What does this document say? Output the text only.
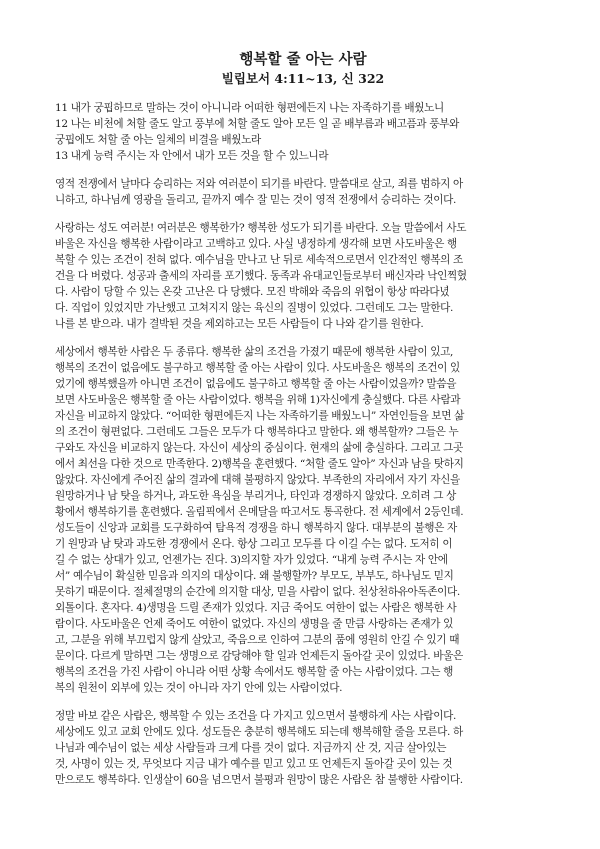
행복할 줄 아는 사람
빌립보서 4:11~13, 신 322

11 내가 궁핍하므로 말하는 것이 아니니라 어떠한 형편에든지 나는 자족하기를 배웠노니
12 나는 비천에 처할 줄도 알고 풍부에 처할 줄도 알아 모든 일 곧 배부름과 배고픔과 풍부와
궁핍에도 처할 줄 아는 일체의 비결을 배웠노라
13 내게 능력 주시는 자 안에서 내가 모든 것을 할 수 있느니라

영적 전쟁에서 날마다 승리하는 저와 여러분이 되기를 바란다. 말씀대로 살고, 죄를 범하지 아
니하고, 하나님께 영광을 돌리고, 끝까지 예수 잘 믿는 것이 영적 전쟁에서 승리하는 것이다.

사랑하는 성도 여러분! 여러분은 행복한가? 행복한 성도가 되기를 바란다. 오늘 말씀에서 사도
바울은 자신을 행복한 사람이라고 고백하고 있다. 사실 냉정하게 생각해 보면 사도바울은 행
복할 수 있는 조건이 전혀 없다. 예수님을 만나고 난 뒤로 세속적으로면서 인간적인 행복의 조
건을 다 버렸다. 성공과 출세의 자리를 포기했다. 동족과 유대교인들로부터 배신자라 낙인찍혔
다. 사람이 당할 수 있는 온갖 고난은 다 당했다. 모진 박해와 죽음의 위협이 항상 따라다녔
다. 직업이 있었지만 가난했고 고쳐지지 않는 육신의 질병이 있었다. 그런데도 그는 말한다.
나를 본 받으라. 내가 결박된 것을 제외하고는 모든 사람들이 다 나와 같기를 원한다.

세상에서 행복한 사람은 두 종류다. 행복한 삶의 조건을 가졌기 때문에 행복한 사람이 있고,
행복의 조건이 없음에도 불구하고 행복할 줄 아는 사람이 있다. 사도바울은 행복의 조건이 있
었기에 행복했을까 아니면 조건이 없음에도 불구하고 행복할 줄 아는 사람이었을까? 말씀을
보면 사도바울은 행복할 줄 아는 사람이었다. 행복을 위해 1)자신에게 충실했다. 다른 사람과
자신을 비교하지 않았다. “어떠한 형편에든지 나는 자족하기를 배웠노니” 자연인들을 보면 삶
의 조건이 형편없다. 그런데도 그들은 모두가 다 행복하다고 말한다. 왜 행복할까? 그들은 누
구와도 자신을 비교하지 않는다. 자신이 세상의 중심이다. 현재의 삶에 충실하다. 그리고 그곳
에서 최선을 다한 것으로 만족한다. 2)행복을 훈련했다. “처할 줄도 알아” 자신과 남을 탓하지
않았다. 자신에게 주어진 삶의 결과에 대해 불평하지 않았다. 부족한의 자리에서 자기 자신을
원망하거나 남 탓을 하거나, 과도한 욕심을 부리거나, 타인과 경쟁하지 않았다. 오히려 그 상
황에서 행복하기를 훈련했다. 올림픽에서 은메달을 따고서도 통곡한다. 전 세계에서 2등인데.
성도들이 신앙과 교회를 도구화하여 탐욕적 경쟁을 하니 행복하지 않다. 대부분의 불행은 자
기 원망과 남 탓과 과도한 경쟁에서 온다. 항상 그리고 모두를 다 이길 수는 없다. 도저히 이
길 수 없는 상대가 있고, 언젠가는 진다. 3)의지할 자가 있었다. “내게 능력 주시는 자 안에
서” 예수님이 확실한 믿음과 의지의 대상이다. 왜 불행할까? 부모도, 부부도, 하나님도 믿지
못하기 때문이다. 절체절명의 순간에 의지할 대상, 믿을 사람이 없다. 천상천하유아독존이다.
외톨이다. 혼자다. 4)생명을 드릴 존재가 있었다. 지금 죽어도 여한이 없는 사람은 행복한 사
람이다. 사도바울은 언제 죽어도 여한이 없었다. 자신의 생명을 줄 만큼 사랑하는 존재가 있
고, 그분을 위해 부끄럽지 않게 살았고, 죽음으로 인하여 그분의 품에 영원히 안길 수 있기 때
문이다. 다르게 말하면 그는 생명으로 감당해야 할 일과 언제든지 돌아갈 곳이 있었다. 바울은
행복의 조건을 가진 사람이 아니라 어떤 상황 속에서도 행복할 줄 아는 사람이었다. 그는 행
복의 원천이 외부에 있는 것이 아니라 자기 안에 있는 사람이었다.

정말 바보 같은 사람은, 행복할 수 있는 조건을 다 가지고 있으면서 불행하게 사는 사람이다.
세상에도 있고 교회 안에도 있다. 성도들은 충분히 행복해도 되는데 행복해할 줄을 모른다. 하
나님과 예수님이 없는 세상 사람들과 크게 다를 것이 없다. 지금까지 산 것, 지금 살아있는
것, 사명이 있는 것, 무엇보다 지금 내가 예수를 믿고 있고 또 언제든지 돌아갈 곳이 있는 것
만으로도 행복하다. 인생살이 60을 넘으면서 불평과 원망이 많은 사람은 참 불행한 사람이다.
